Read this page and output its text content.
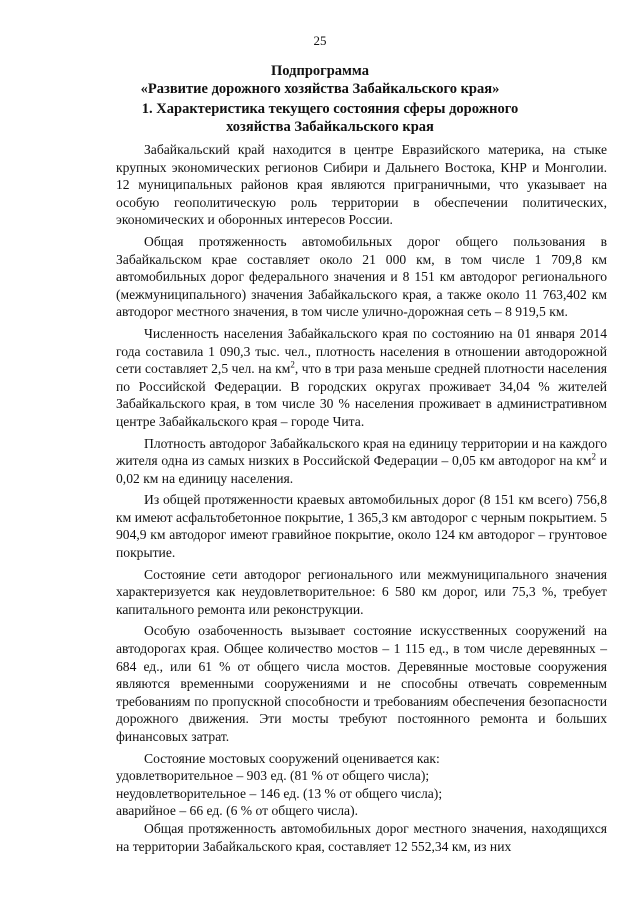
25
Подпрограмма
«Развитие дорожного хозяйства Забайкальского края»
1. Характеристика текущего состояния сферы дорожного
хозяйства Забайкальского края

Забайкальский край находится в центре Евразийского материка, на стыке крупных экономических регионов Сибири и Дальнего Востока, КНР и Монголии. 12 муниципальных районов края являются приграничными, что указывает на особую геополитическую роль территории в обеспечении политических, экономических и оборонных интересов России.

Общая протяженность автомобильных дорог общего пользования в Забайкальском крае составляет около 21 000 км, в том числе 1 709,8 км автомобильных дорог федерального значения и 8 151 км автодорог регионального (межмуниципального) значения Забайкальского края, а также около 11 763,402 км автодорог местного значения, в том числе улично-дорожная сеть – 8 919,5 км.

Численность населения Забайкальского края по состоянию на 01 января 2014 года составила 1 090,3 тыс. чел., плотность населения в отношении автодорожной сети составляет 2,5 чел. на $км^2$, что в три раза меньше средней плотности населения по Российской Федерации. В городских округах проживает 34,04 % жителей Забайкальского края, в том числе 30 % населения проживает в административном центре Забайкальского края – городе Чита.

Плотность автодорог Забайкальского края на единицу территории и на каждого жителя одна из самых низких в Российской Федерации – 0,05 км автодорог на $км^2$ и 0,02 км на единицу населения.

Из общей протяженности краевых автомобильных дорог (8 151 км всего) 756,8 км имеют асфальтобетонное покрытие, 1 365,3 км автодорог с черным покрытием. 5 904,9 км автодорог имеют гравийное покрытие, около 124 км автодорог – грунтовое покрытие.

Состояние сети автодорог регионального или межмуниципального значения характеризуется как неудовлетворительное: 6 580 км дорог, или 75,3 %, требует капитального ремонта или реконструкции.

Особую озабоченность вызывает состояние искусственных сооружений на автодорогах края. Общее количество мостов – 1 115 ед., в том числе деревянных – 684 ед., или 61 % от общего числа мостов. Деревянные мостовые сооружения являются временными сооружениями и не способны отвечать современным требованиям по пропускной способности и требованиям обеспечения безопасности дорожного движения. Эти мосты требуют постоянного ремонта и больших финансовых затрат.

Состояние мостовых сооружений оценивается как:

удовлетворительное – 903 ед. (81 % от общего числа);

неудовлетворительное – 146 ед. (13 % от общего числа);

аварийное – 66 ед. (6 % от общего числа).

Общая протяженность автомобильных дорог местного значения, находящихся на территории Забайкальского края, составляет 12 552,34 км, из них
